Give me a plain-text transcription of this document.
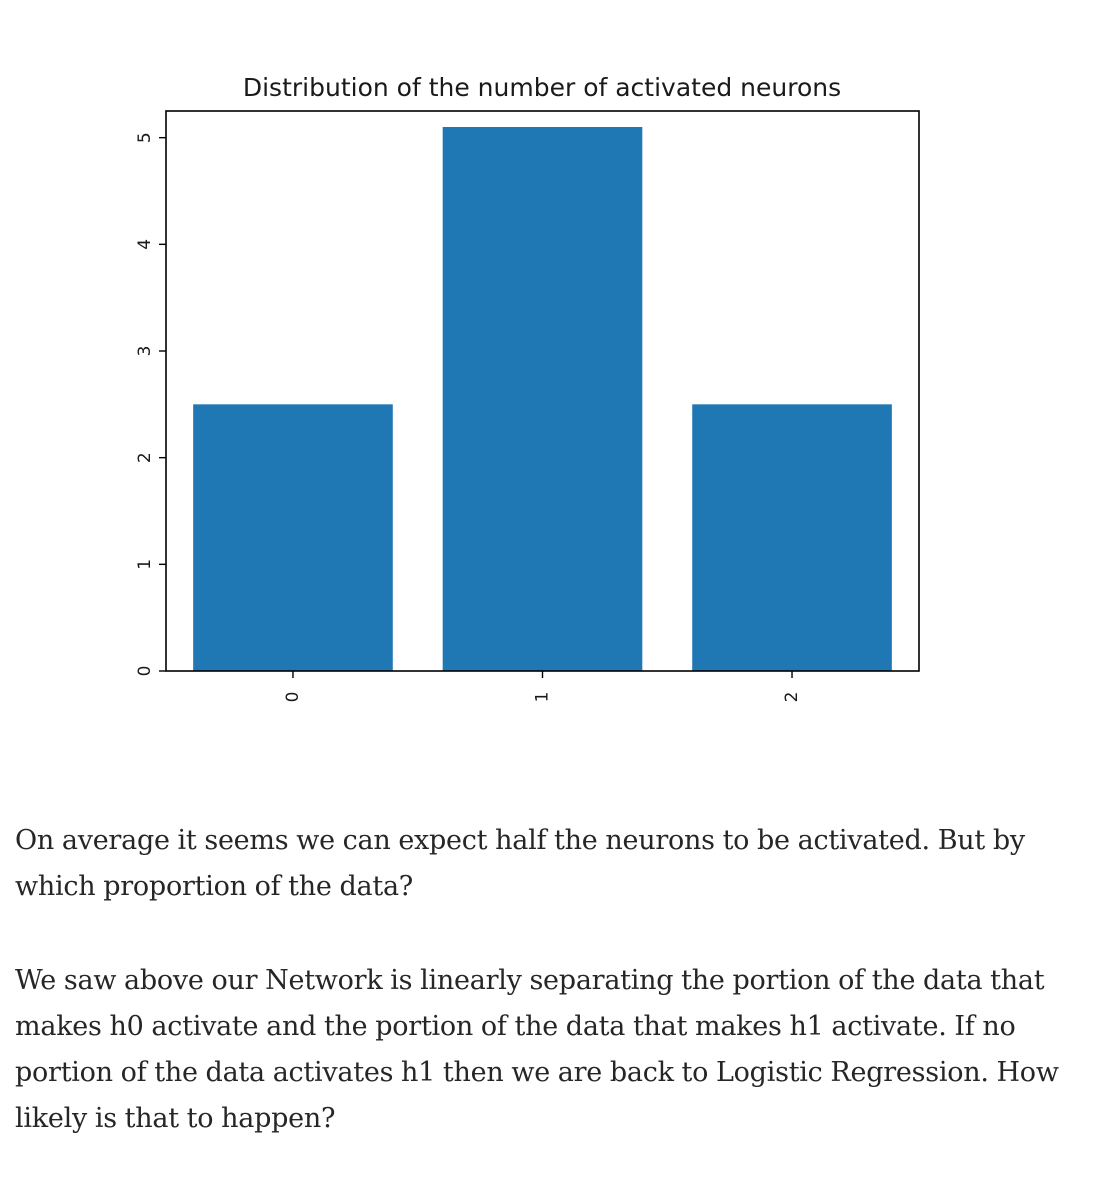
Distribution of the number of activated neurons
0
1
2
3
4
5
0	1	2

On average it seems we can expect half the neurons to be activated. But by which proportion of the data?

We saw above our Network is linearly separating the portion of the data that makes h0 activate and the portion of the data that makes h1 activate. If no portion of the data activates h1 then we are back to Logistic Regression. How likely is that to happen?
